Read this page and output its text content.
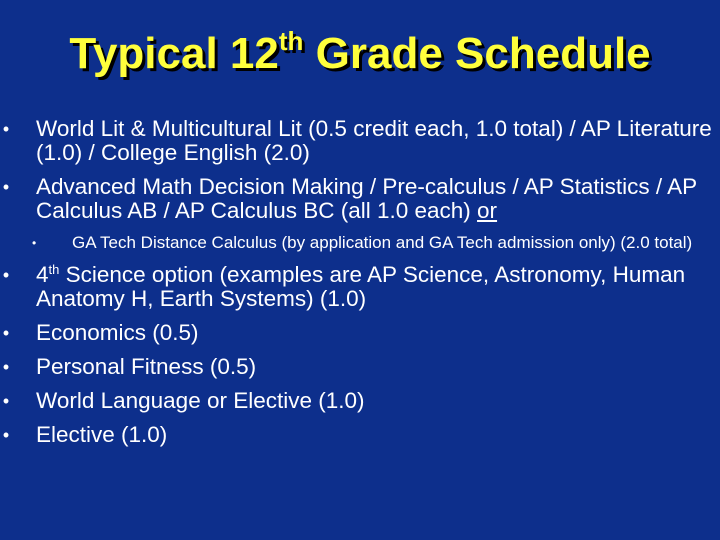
Typical 12th Grade Schedule
• World Lit & Multicultural Lit (0.5 credit each, 1.0 total) / AP Literature (1.0) / College English (2.0)
• Advanced Math Decision Making / Pre-calculus / AP Statistics / AP Calculus AB / AP Calculus BC (all 1.0 each) or
• GA Tech Distance Calculus (by application and GA Tech admission only) (2.0 total)
• 4th Science option (examples are AP Science, Astronomy, Human Anatomy H, Earth Systems) (1.0)
• Economics (0.5)
• Personal Fitness (0.5)
• World Language or Elective (1.0)
• Elective (1.0)
